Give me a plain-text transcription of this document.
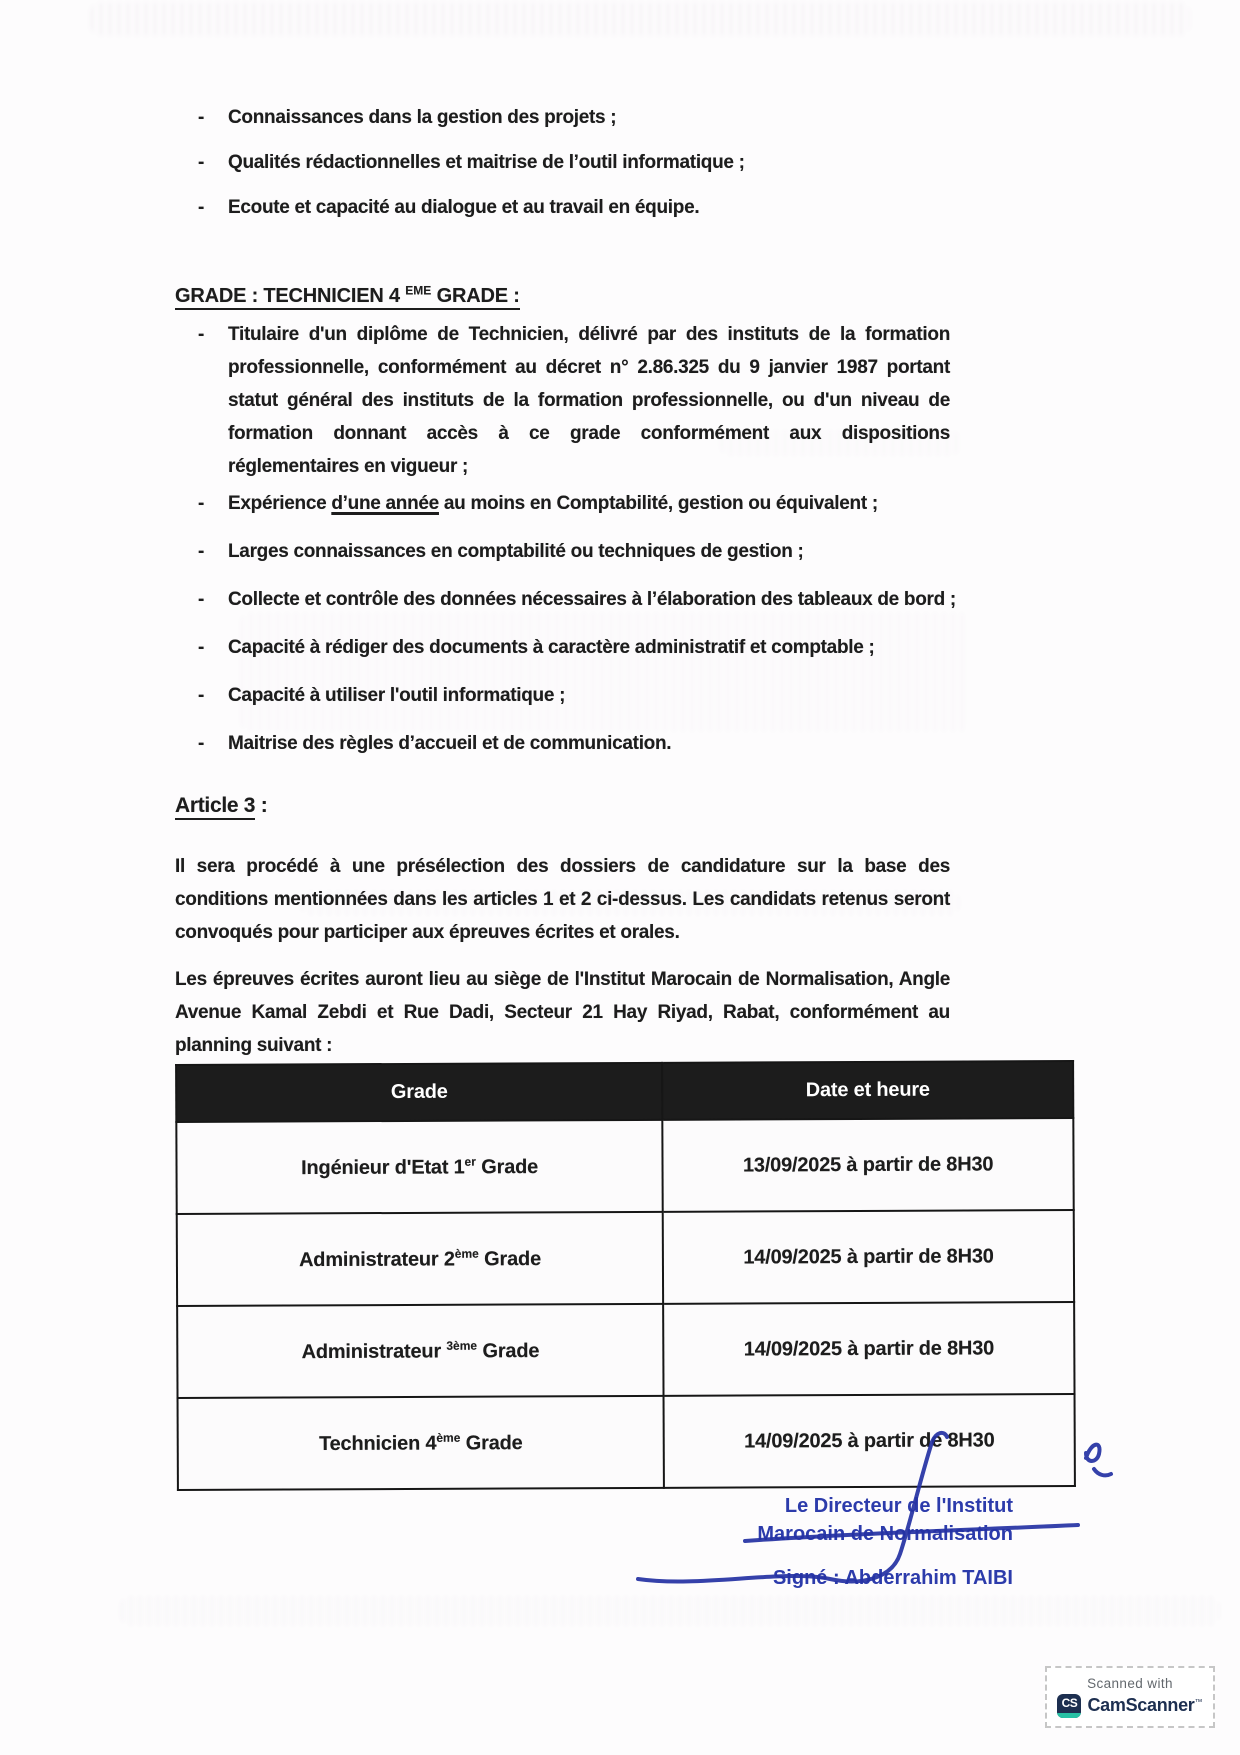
-	Connaissances dans la gestion des projets ;
-	Qualités rédactionnelles et maitrise de l’outil informatique ;
-	Ecoute et capacité au dialogue et au travail en équipe.
GRADE : TECHNICIEN 4 $^{EME}$ GRADE :
-	Titulaire d'un diplôme de Technicien, délivré par des instituts de la formation professionnelle, conformément au décret n° 2.86.325 du 9 janvier 1987 portant statut général des instituts de la formation professionnelle, ou d'un niveau de formation donnant accès à ce grade conformément aux dispositions réglementaires en vigueur ;
-	Expérience d’une année au moins en Comptabilité, gestion ou équivalent ;
-	Larges connaissances en comptabilité ou techniques de gestion ;
-	Collecte et contrôle des données nécessaires à l’élaboration des tableaux de bord ;
-	Capacité à rédiger des documents à caractère administratif et comptable ;
-	Capacité à utiliser l'outil informatique ;
-	Maitrise des règles d’accueil et de communication.
Article 3 :
Il sera procédé à une présélection des dossiers de candidature sur la base des conditions mentionnées dans les articles 1 et 2 ci-dessus. Les candidats retenus seront convoqués pour participer aux épreuves écrites et orales.
Les épreuves écrites auront lieu au siège de l'Institut Marocain de Normalisation, Angle Avenue Kamal Zebdi et Rue Dadi, Secteur 21 Hay Riyad, Rabat, conformément au planning suivant :
Grade	Date et heure
Ingénieur d'Etat 1er Grade	13/09/2025 à partir de 8H30
Administrateur 2ème Grade	14/09/2025 à partir de 8H30
Administrateur $^{3ème}$ Grade	14/09/2025 à partir de 8H30
Technicien 4ème Grade	14/09/2025 à partir de 8H30
Le Directeur de l'Institut
Marocain de Normalisation
Signé : Abderrahim TAIBI
Scanned with
CS CamScanner™
